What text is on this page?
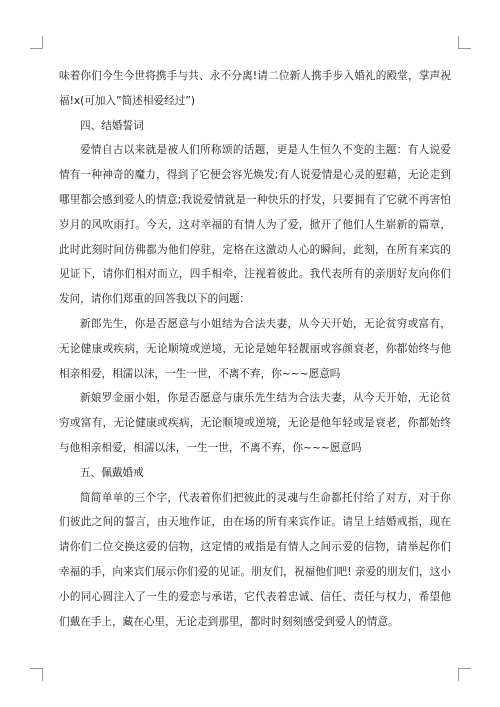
味着你们今生今世将携手与共、永不分离!请二位新人携手步入婚礼的殿堂，掌声祝福!x(可加入”简述相爱经过”)

四、结婚誓词

爱情自古以来就是被人们所称颂的话题，更是人生恒久不变的主题：有人说爱情有一种神奇的魔力，得到了它便会容光焕发;有人说爱情是心灵的慰藉，无论走到哪里都会感到爱人的情意;我说爱情就是一种快乐的抒发，只要拥有了它就不再害怕岁月的风吹雨打。今天，这对幸福的有情人为了爱，掀开了他们人生崭新的篇章，此时此刻时间仿佛都为他们停驻，定格在这激动人心的瞬间，此刻，在所有来宾的见证下，请你们相对而立，四手相牵，注视着彼此。我代表所有的亲朋好友向你们发问，请你们郑重的回答我以下的问题：

新郎先生，你是否愿意与小姐结为合法夫妻，从今天开始，无论贫穷或富有，无论健康或疾病，无论顺境或逆境，无论是她年轻靓丽或容颜衰老，你都始终与他相亲相爱，相濡以沫，一生一世，不离不弃，你~~~愿意吗

新娘罗金丽小姐，你是否愿意与康乐先生结为合法夫妻，从今天开始，无论贫穷或富有，无论健康或疾病，无论顺境或逆境，无论是他年轻或是衰老，你都始终与他相亲相爱，相濡以沫，一生一世，不离不弃，你~~~愿意吗

五、佩戴婚戒

简简单单的三个字，代表着你们把彼此的灵魂与生命都托付给了对方，对于你们彼此之间的誓言，由天地作证，由在场的所有来宾作证。请呈上结婚戒指，现在请你们二位交换这爱的信物，这定情的戒指是有情人之间示爱的信物，请举起你们幸福的手，向来宾们展示你们爱的见证。朋友们，祝福他们吧! 亲爱的朋友们，这小小的同心圆注入了一生的爱恋与承诺，它代表着忠诚、信任、责任与权力，希望他们戴在手上，藏在心里，无论走到那里，都时时刻刻感受到爱人的情意。
